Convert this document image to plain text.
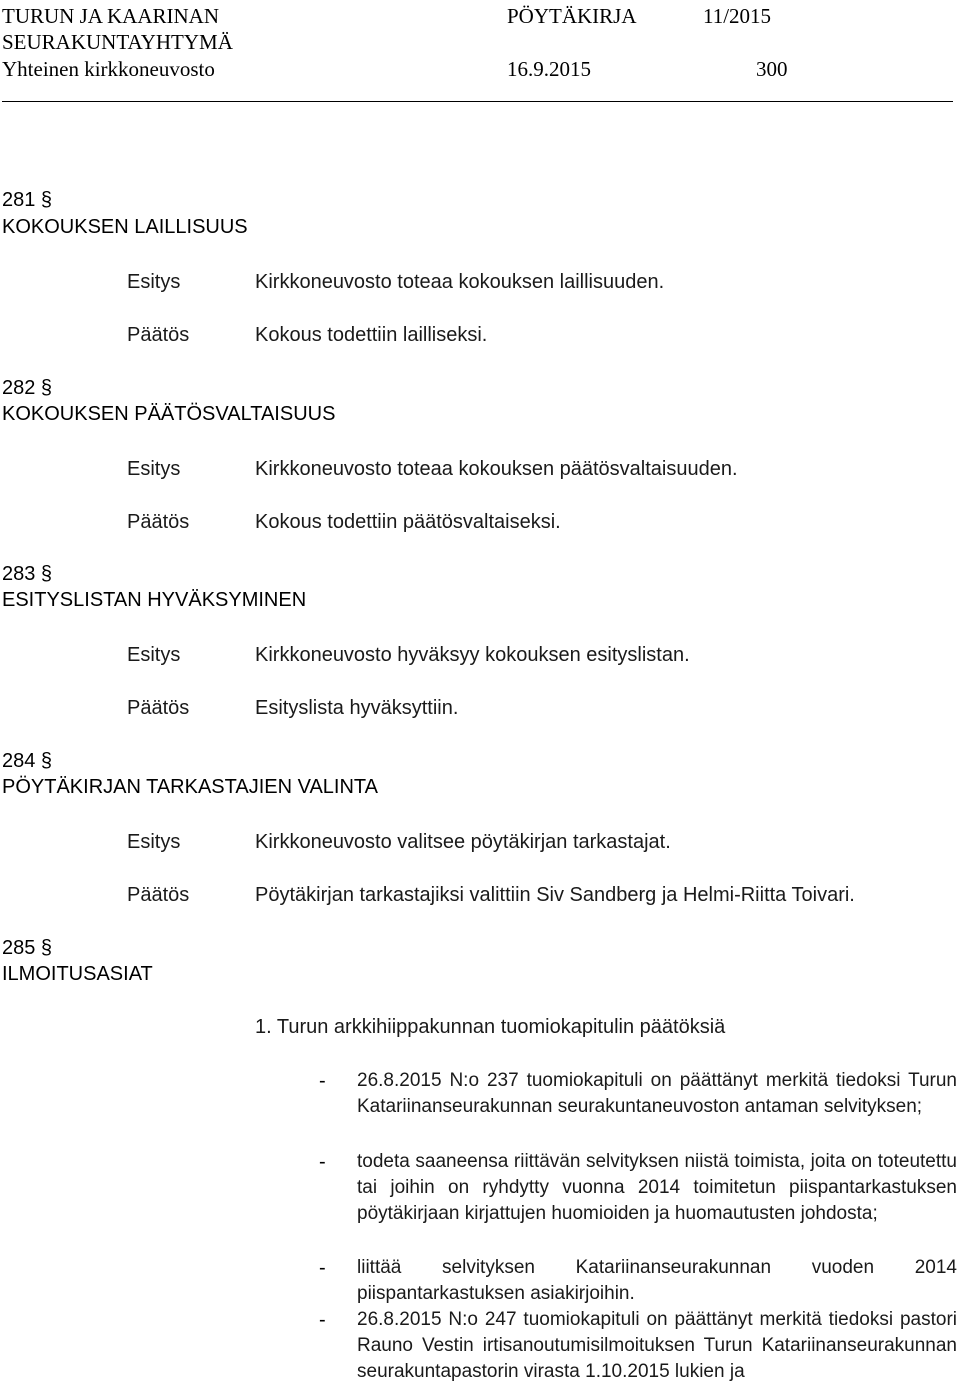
TURUN JA KAARINAN
SEURAKUNTAYHTYMÄ
Yhteinen kirkkoneuvosto
PÖYTÄKIRJA
16.9.2015
11/2015
300
281 §
KOKOUKSEN LAILLISUUS
Esitys	Kirkkoneuvosto toteaa kokouksen laillisuuden.
Päätös	Kokous todettiin lailliseksi.
282 §
KOKOUKSEN PÄÄTÖSVALTAISUUS
Esitys	Kirkkoneuvosto toteaa kokouksen päätösvaltaisuuden.
Päätös	Kokous todettiin päätösvaltaiseksi.
283 §
ESITYSLISTAN HYVÄKSYMINEN
Esitys	Kirkkoneuvosto hyväksyy kokouksen esityslistan.
Päätös	Esityslista hyväksyttiin.
284 §
PÖYTÄKIRJAN TARKASTAJIEN VALINTA
Esitys	Kirkkoneuvosto valitsee pöytäkirjan tarkastajat.
Päätös	Pöytäkirjan tarkastajiksi valittiin Siv Sandberg ja Helmi-Riitta Toivari.
285 §
ILMOITUSASIAT
1. Turun arkkihiippakunnan tuomiokapitulin päätöksiä
- 26.8.2015 N:o 237 tuomiokapituli on päättänyt merkitä tiedoksi Turun Katariinanseurakunnan seurakuntaneuvoston antaman selvityksen;
- todeta saaneensa riittävän selvityksen niistä toimista, joita on toteutettu tai joihin on ryhdytty vuonna 2014 toimitetun piispantarkastuksen pöytäkirjaan kirjattujen huomioiden ja huomautusten johdosta;
- liittää selvityksen Katariinanseurakunnan vuoden 2014 piispantarkastuksen asiakirjoihin.
- 26.8.2015 N:o 247 tuomiokapituli on päättänyt merkitä tiedoksi pastori Rauno Vestin irtisanoutumisilmoituksen Turun Katariinanseurakunnan seurakuntapastorin virasta 1.10.2015 lukien ja
